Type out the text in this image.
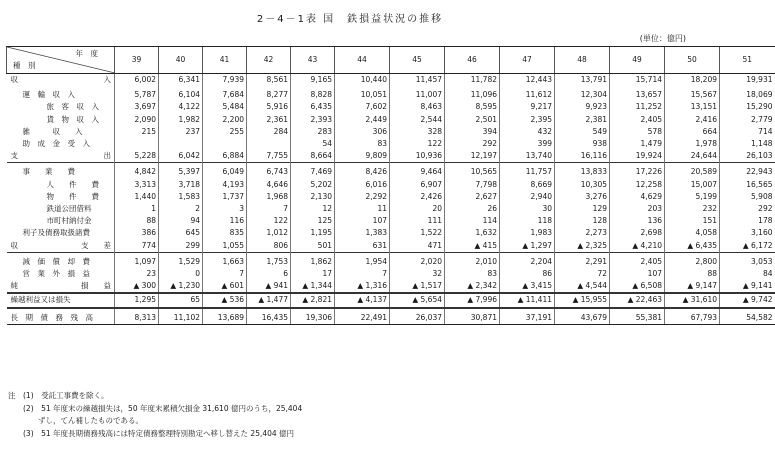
2－4－1表 国　鉄損益状況の推移
(単位：億円)
年　度
種　別	39	40	41	42	43	44	45	46	47	48	49	50	51

収 入	6,002	6,341	7,939	8,561	9,165	10,440	11,457	11,782	12,443	13,791	15,714	18,209	19,931

運　輸　収　入	5,787	6,104	7,684	8,277	8,828	10,051	11,007	11,096	11,612	12,304	13,657	15,567	18,069

旅　客　収　入	3,697	4,122	5,484	5,916	6,435	7,602	8,463	8,595	9,217	9,923	11,252	13,151	15,290

貨　物　収　入	2,090	1,982	2,200	2,361	2,393	2,449	2,544	2,501	2,395	2,381	2,405	2,416	2,779

雑　　　収　　入	215	237	255	284	283	306	328	394	432	549	578	664	714

助　成　金　受　入					54	83	122	292	399	938	1,479	1,978	1,148

支 出	5,228	6,042	6,884	7,755	8,664	9,809	10,936	12,197	13,740	16,116	19,924	24,644	26,103

事　　業　　費	4,842	5,397	6,049	6,743	7,469	8,426	9,464	10,565	11,757	13,833	17,226	20,589	22,943

人　　件　　費	3,313	3,718	4,193	4,646	5,202	6,016	6,907	7,798	8,669	10,305	12,258	15,007	16,565

物　　件　　費	1,440	1,583	1,737	1,968	2,130	2,292	2,426	2,627	2,940	3,276	4,629	5,199	5,908

鉄道公団借料	1	2	3	7	12	11	20	26	30	129	203	232	292

市町村納付金	88	94	116	122	125	107	111	114	118	128	136	151	178

利子及債務取扱諸費	386	645	835	1,012	1,195	1,383	1,522	1,632	1,983	2,273	2,698	4,058	3,160

収 支　　差	774	299	1,055	806	501	631	471	▲ 415	▲ 1,297	▲ 2,325	▲ 4,210	▲ 6,435	▲ 6,172

減　価　償　却　費	1,097	1,529	1,663	1,753	1,862	1,954	2,020	2,010	2,204	2,291	2,405	2,800	3,053

営　業　外　損　益	23	0	7	6	17	7	32	83	86	72	107	88	84

純 損　　益	▲ 300	▲ 1,230	▲ 601	▲ 941	▲ 1,344	▲ 1,316	▲ 1,517	▲ 2,342	▲ 3,415	▲ 4,544	▲ 6,508	▲ 9,147	▲ 9,141

繰越利益又は損失	1,295	65	▲ 536	▲ 1,477	▲ 2,821	▲ 4,137	▲ 5,654	▲ 7,996	▲ 11,411	▲ 15,955	▲ 22,463	▲ 31,610	▲ 9,742

長　期　債　務　残　高	8,313	11,102	13,689	16,435	19,306	22,491	26,037	30,871	37,191	43,679	55,381	67,793	54,582
注　(1)　受託工事費を除く。
　　(2)　51 年度末の繰越損失は，50 年度末累積欠損金 31,610 億円のうち，25,404
　　　　ずし，てん補したものである。
　　(3)　51 年度長期債務残高には特定債務整理特別勘定へ移し替えた 25,404 億円
